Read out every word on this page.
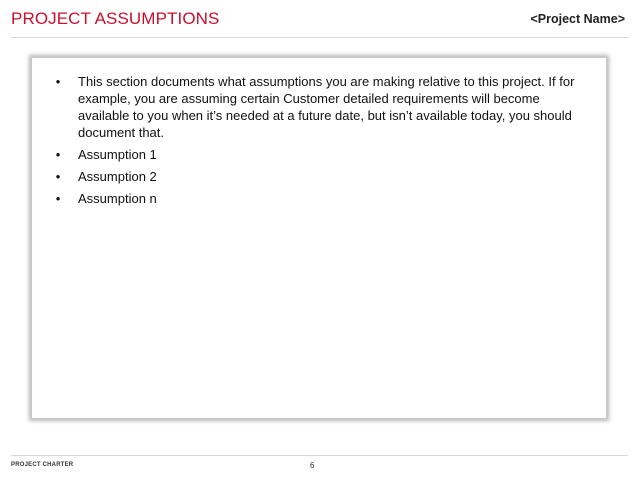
PROJECT ASSUMPTIONS	<Project Name>
• This section documents what assumptions you are making relative to this project. If for example, you are assuming certain Customer detailed requirements will become available to you when it’s needed at a future date, but isn’t available today, you should document that.
• Assumption 1
• Assumption 2
• Assumption n
PROJECT CHARTER	6
